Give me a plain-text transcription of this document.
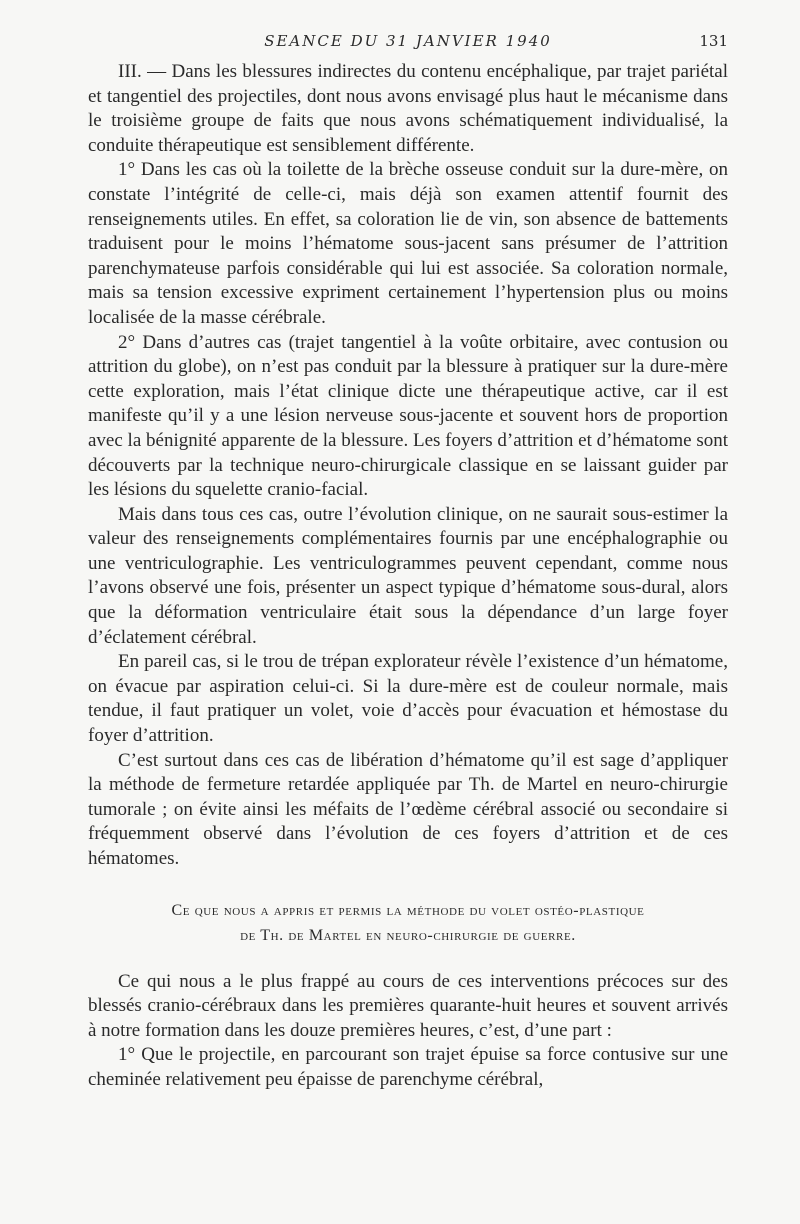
SEANCE DU 31 JANVIER 1940	131

III. — Dans les blessures indirectes du contenu encéphalique, par trajet pariétal et tangentiel des projectiles, dont nous avons envisagé plus haut le mécanisme dans le troisième groupe de faits que nous avons schématiquement individualisé, la conduite thérapeutique est sensiblement différente.

1° Dans les cas où la toilette de la brèche osseuse conduit sur la dure-mère, on constate l’intégrité de celle-ci, mais déjà son examen attentif fournit des renseignements utiles. En effet, sa coloration lie de vin, son absence de battements traduisent pour le moins l’hématome sous-jacent sans présumer de l’attrition parenchymateuse parfois considérable qui lui est associée. Sa coloration normale, mais sa tension excessive expriment certainement l’hypertension plus ou moins localisée de la masse cérébrale.

2° Dans d’autres cas (trajet tangentiel à la voûte orbitaire, avec contusion ou attrition du globe), on n’est pas conduit par la blessure à pratiquer sur la dure-mère cette exploration, mais l’état clinique dicte une thérapeutique active, car il est manifeste qu’il y a une lésion nerveuse sous-jacente et souvent hors de proportion avec la bénignité apparente de la blessure. Les foyers d’attrition et d’hématome sont découverts par la technique neuro-chirurgicale classique en se laissant guider par les lésions du squelette cranio-facial.

Mais dans tous ces cas, outre l’évolution clinique, on ne saurait sous-estimer la valeur des renseignements complémentaires fournis par une encéphalographie ou une ventriculographie. Les ventriculogrammes peuvent cependant, comme nous l’avons observé une fois, présenter un aspect typique d’hématome sous-dural, alors que la déformation ventriculaire était sous la dépendance d’un large foyer d’éclatement cérébral.

En pareil cas, si le trou de trépan explorateur révèle l’existence d’un hématome, on évacue par aspiration celui-ci. Si la dure-mère est de couleur normale, mais tendue, il faut pratiquer un volet, voie d’accès pour évacuation et hémostase du foyer d’attrition.

C’est surtout dans ces cas de libération d’hématome qu’il est sage d’appliquer la méthode de fermeture retardée appliquée par Th. de Martel en neuro-chirurgie tumorale ; on évite ainsi les méfaits de l’œdème cérébral associé ou secondaire si fréquemment observé dans l’évolution de ces foyers d’attrition et de ces hématomes.

Ce que nous a appris et permis la méthode du volet ostéo-plastique
de Th. de Martel en neuro-chirurgie de guerre.

Ce qui nous a le plus frappé au cours de ces interventions précoces sur des blessés cranio-cérébraux dans les premières quarante-huit heures et souvent arrivés à notre formation dans les douze premières heures, c’est, d’une part :

1° Que le projectile, en parcourant son trajet épuise sa force contusive sur une cheminée relativement peu épaisse de parenchyme cérébral,
